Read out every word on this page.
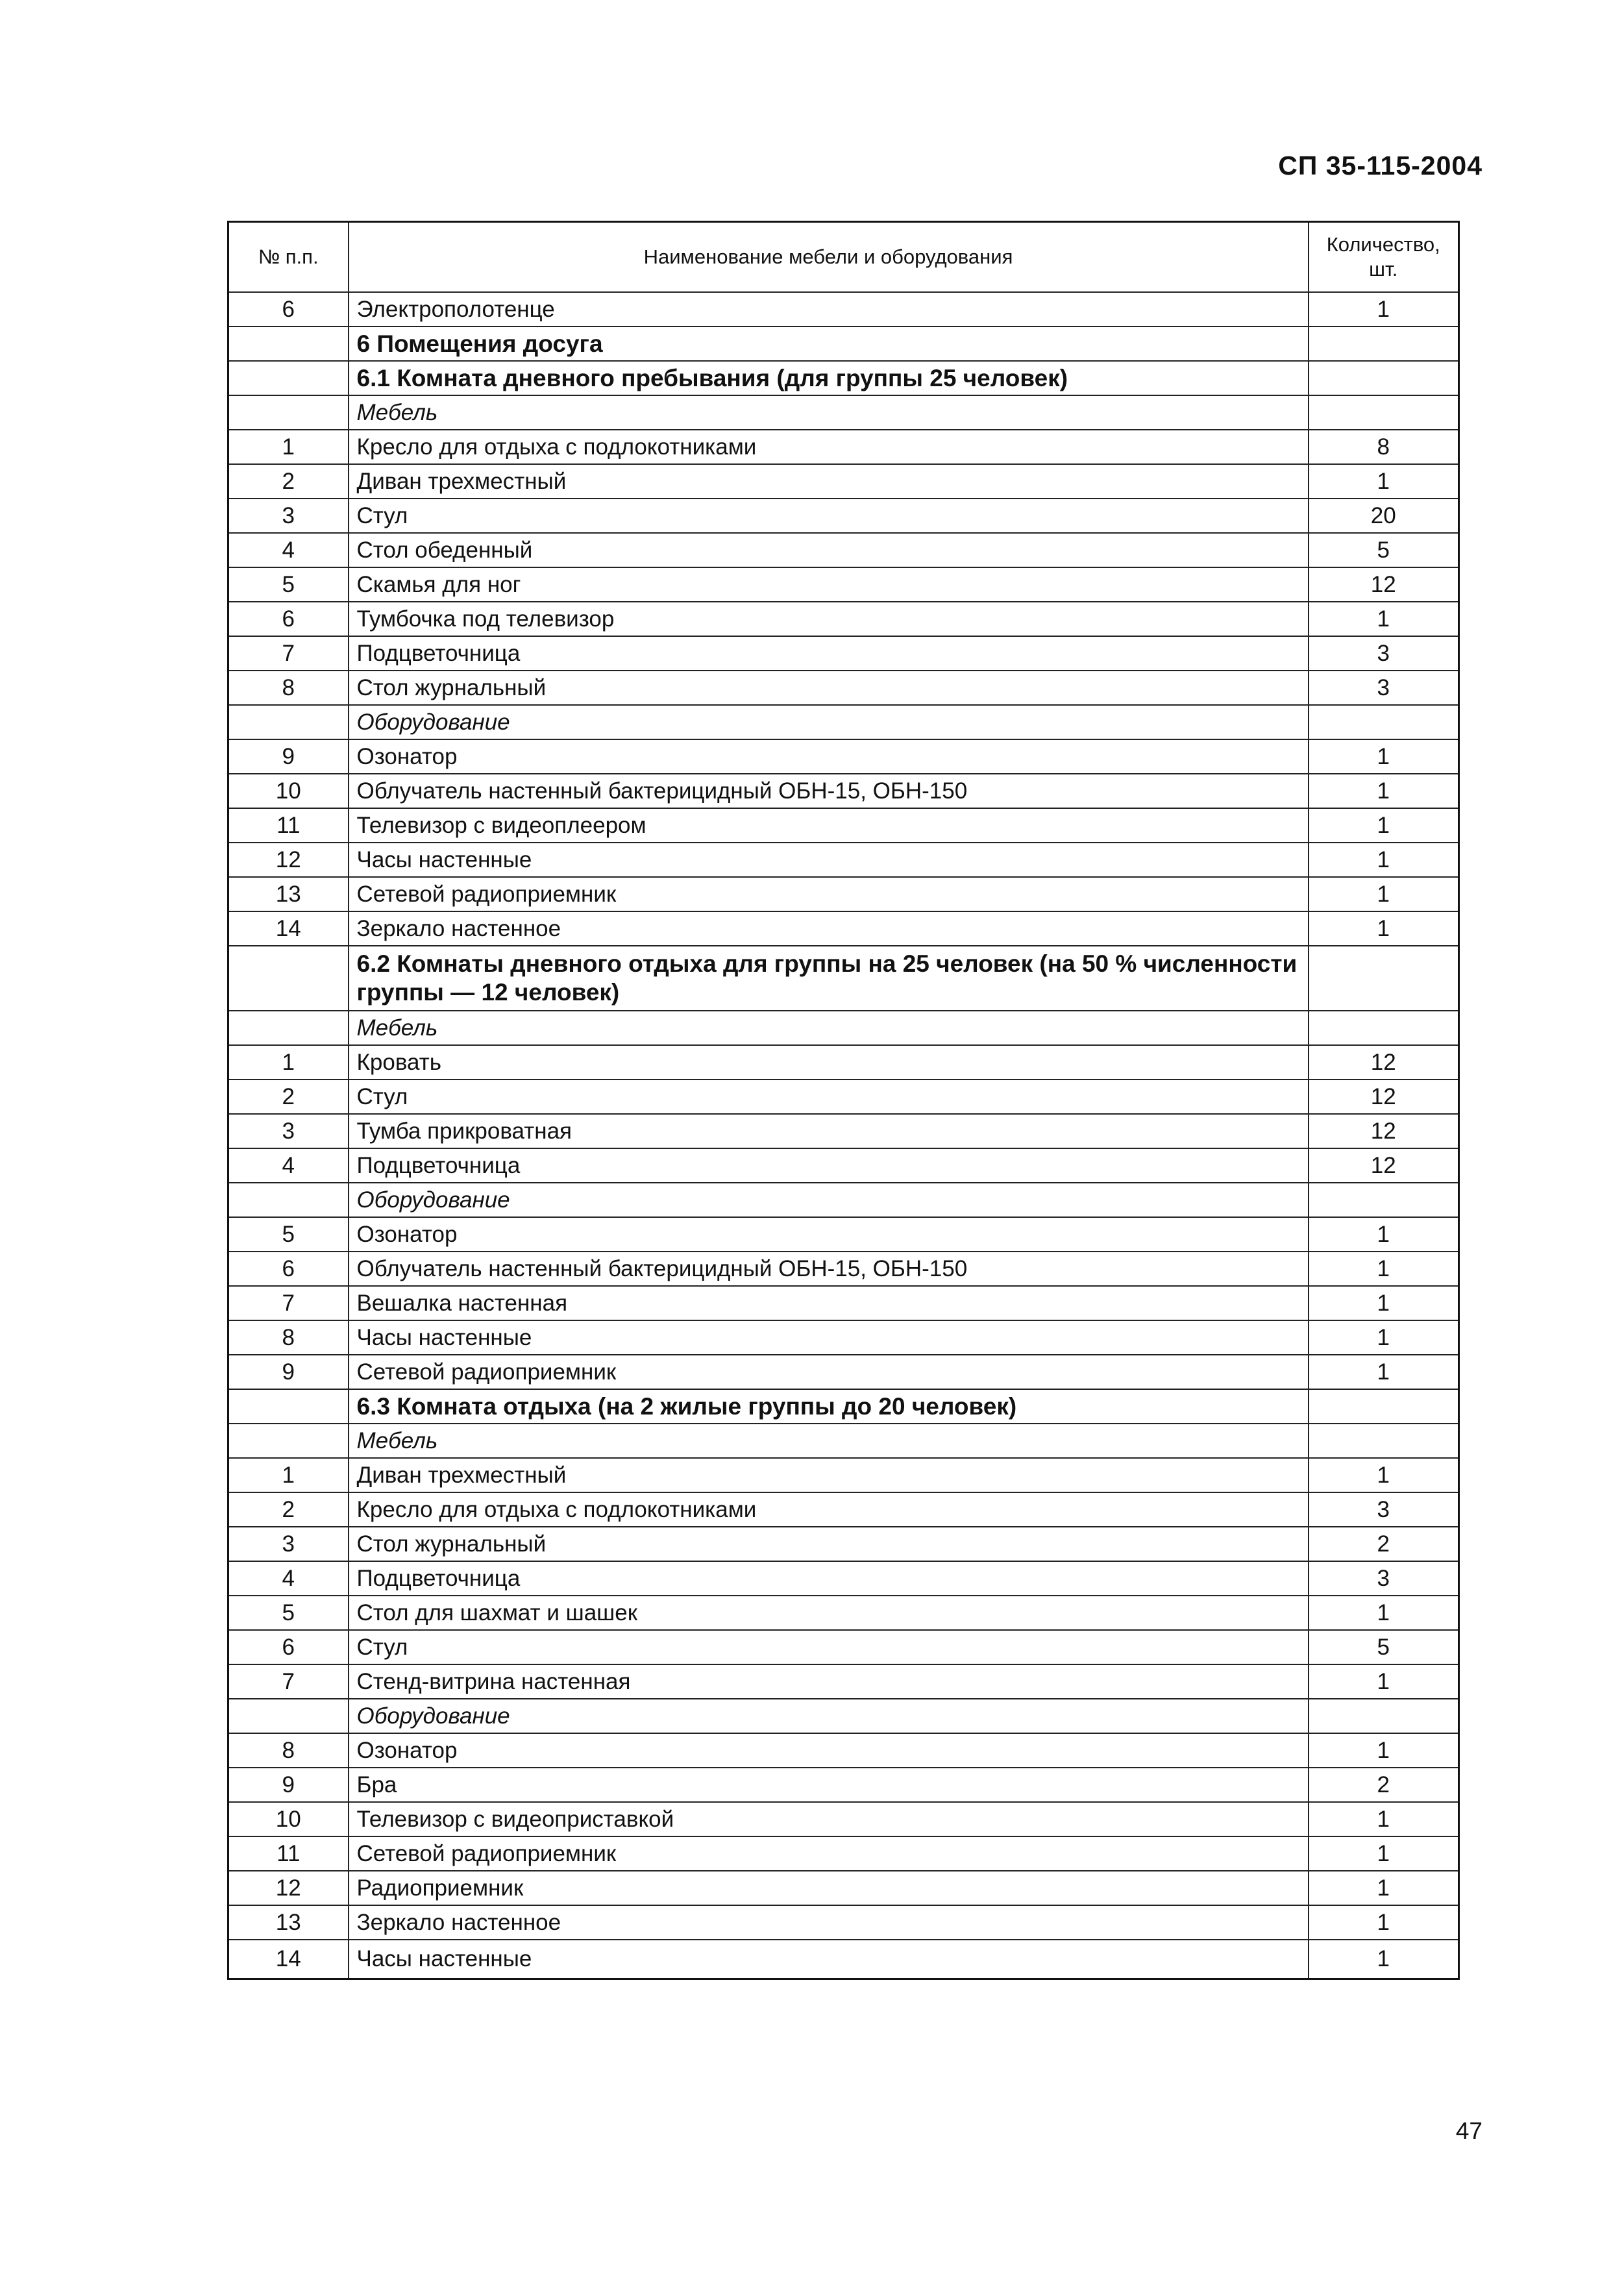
СП 35-115-2004
№ п.п.	Наименование мебели и оборудования	Количество, шт.
6	Электрополотенце	1
	6 Помещения досуга	
	6.1 Комната дневного пребывания (для группы 25 человек)	
	Мебель	
1	Кресло для отдыха с подлокотниками	8
2	Диван трехместный	1
3	Стул	20
4	Стол обеденный	5
5	Скамья для ног	12
6	Тумбочка под телевизор	1
7	Подцветочница	3
8	Стол журнальный	3
	Оборудование	
9	Озонатор	1
10	Облучатель настенный бактерицидный ОБН-15, ОБН-150	1
11	Телевизор с видеоплеером	1
12	Часы настенные	1
13	Сетевой радиоприемник	1
14	Зеркало настенное	1
	6.2 Комнаты дневного отдыха для группы на 25 человек (на 50 % численности группы — 12 человек)	
	Мебель	
1	Кровать	12
2	Стул	12
3	Тумба прикроватная	12
4	Подцветочница	12
	Оборудование	
5	Озонатор	1
6	Облучатель настенный бактерицидный ОБН-15, ОБН-150	1
7	Вешалка настенная	1
8	Часы настенные	1
9	Сетевой радиоприемник	1
	6.3 Комната отдыха (на 2 жилые группы до 20 человек)	
	Мебель	
1	Диван трехместный	1
2	Кресло для отдыха с подлокотниками	3
3	Стол журнальный	2
4	Подцветочница	3
5	Стол для шахмат и шашек	1
6	Стул	5
7	Стенд-витрина настенная	1
	Оборудование	
8	Озонатор	1
9	Бра	2
10	Телевизор с видеоприставкой	1
11	Сетевой радиоприемник	1
12	Радиоприемник	1
13	Зеркало настенное	1
14	Часы настенные	1
47
